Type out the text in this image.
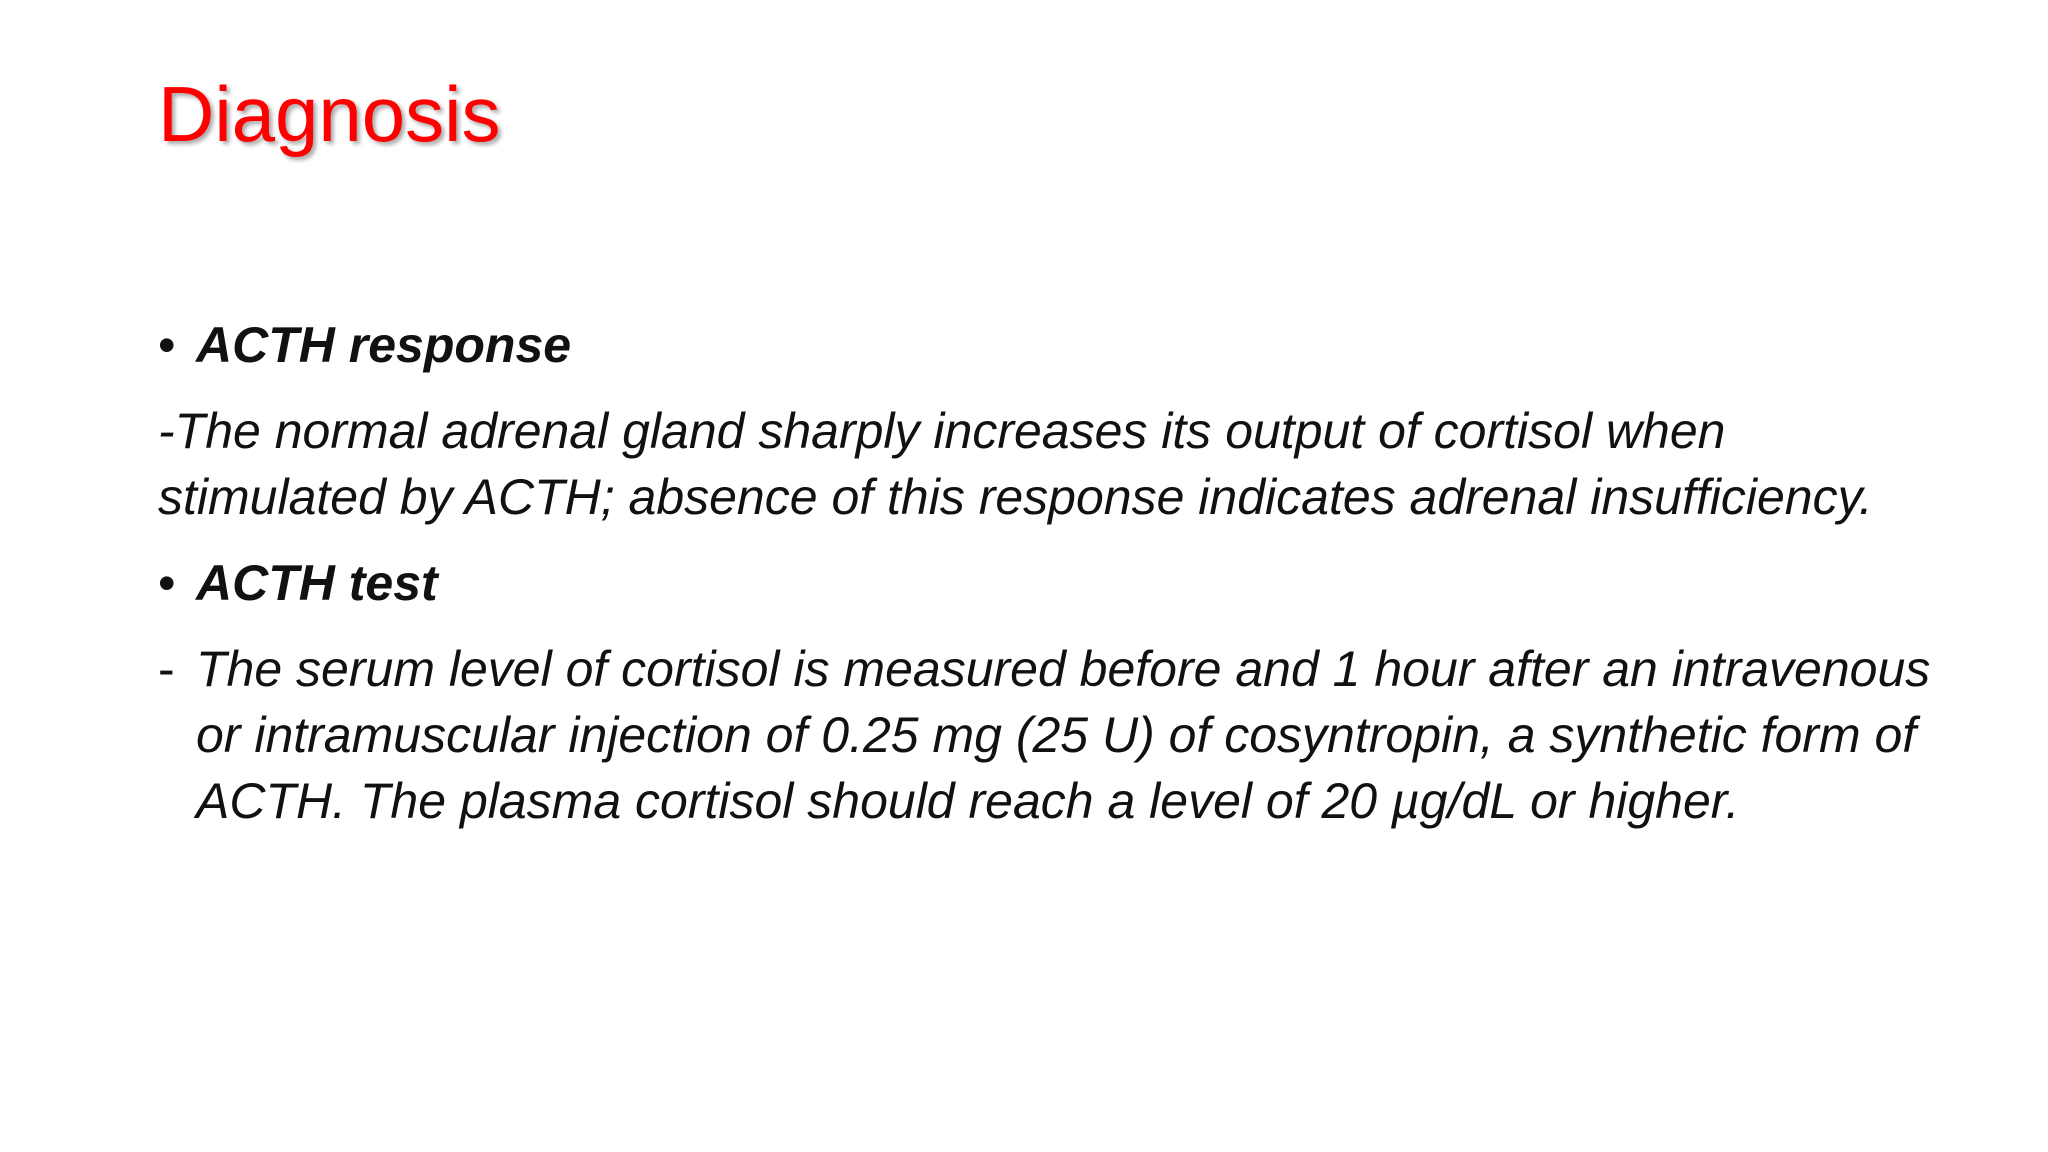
Diagnosis

• ACTH response

-The normal adrenal gland sharply increases its output of cortisol when stimulated by ACTH; absence of this response indicates adrenal insufficiency.

• ACTH test

- The serum level of cortisol is measured before and 1 hour after an intravenous or intramuscular injection of 0.25 mg (25 U) of cosyntropin, a synthetic form of ACTH. The plasma cortisol should reach a level of 20 µg/dL or higher.
